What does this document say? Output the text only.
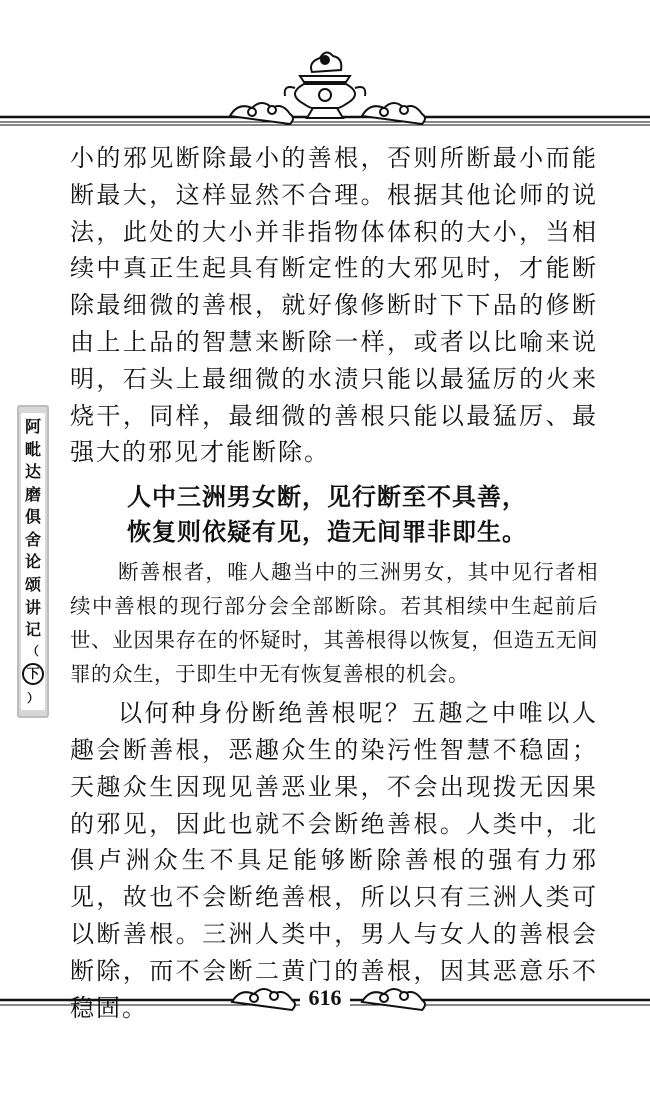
阿
毗
达
磨
俱
舍
论
颂
讲
记
（
下
）

小的邪见断除最小的善根，否则所断最小而能断最大，这样显然不合理。根据其他论师的说法，此处的大小并非指物体体积的大小，当相续中真正生起具有断定性的大邪见时，才能断除最细微的善根，就好像修断时下下品的修断由上上品的智慧来断除一样，或者以比喻来说明，石头上最细微的水渍只能以最猛厉的火来烧干，同样，最细微的善根只能以最猛厉、最强大的邪见才能断除。

人中三洲男女断，见行断至不具善，
恢复则依疑有见，造无间罪非即生。

断善根者，唯人趣当中的三洲男女，其中见行者相续中善根的现行部分会全部断除。若其相续中生起前后世、业因果存在的怀疑时，其善根得以恢复，但造五无间罪的众生，于即生中无有恢复善根的机会。

以何种身份断绝善根呢？五趣之中唯以人趣会断善根，恶趣众生的染污性智慧不稳固；天趣众生因现见善恶业果，不会出现拨无因果的邪见，因此也就不会断绝善根。人类中，北俱卢洲众生不具足能够断除善根的强有力邪见，故也不会断绝善根，所以只有三洲人类可以断善根。三洲人类中，男人与女人的善根会断除，而不会断二黄门的善根，因其恶意乐不稳固。	616
